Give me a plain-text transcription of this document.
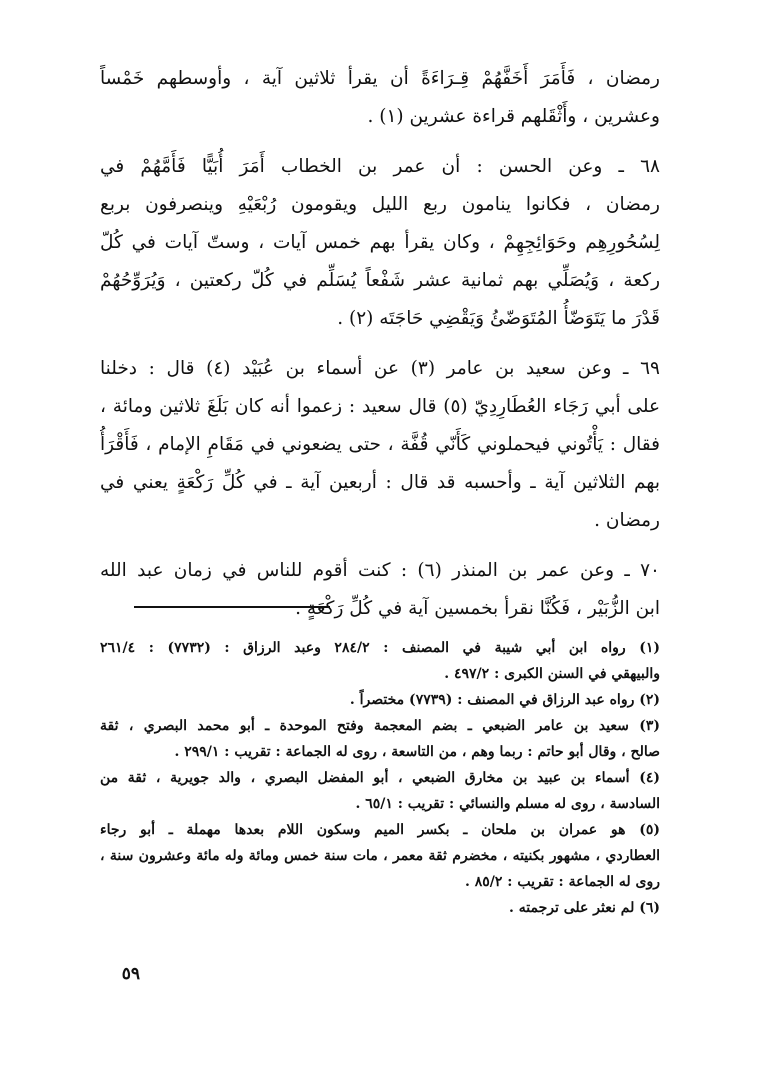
رمضان ، فَأَمَرَ أَخَفَّهُمْ قِـرَاءَةً أن يقرأ ثلاثين آية ، وأوسطهم خَمْساً
وعشرين ، وأَثْقَلهم قراءة عشرين (١) .

٦٨ ـ وعن الحسن : أن عمر بن الخطاب أَمَرَ أُبَيًّا فَأَمَّهُمْ في
رمضان ، فكانوا ينامون ربع الليل ويقومون رُبْعَيْهِ وينصرفون بربع
لِسُحُورِهِم وحَوَائِجِهِمْ ، وكان يقرأ بهم خمس آيات ، وستّ آيات في كُلّ
ركعة ، وَيُصَلِّي بهم ثمانية عشر شَفْعاً يُسَلِّم في كُلّ ركعتين ، وَيُرَوِّحُهُمْ
قَدْرَ ما يَتَوَضّأُ المُتَوَضّئُ وَيَقْضِي حَاجَتَه (٢) .

٦٩ ـ وعن سعيد بن عامر (٣) عن أسماء بن عُبَيْد (٤) قال : دخلنا
على أبي رَجَاء العُطَارِدِيّ (٥) قال سعيد : زعموا أنه كان بَلَغَ ثلاثين ومائة ،
فقال : يَأْتُوني فيحملوني كَأَنّي قُفَّة ، حتى يضعوني في مَقَامِ الإمام ، فَأَقْرَأُ
بهم الثلاثين آية ـ وأحسبه قد قال : أربعين آية ـ في كُلِّ رَكْعَةٍ يعني في
رمضان .

٧٠ ـ وعن عمر بن المنذر (٦) : كنت أقوم للناس في زمان عبد الله
ابن الزُّبَيْر ، فَكُنَّا نقرأ بخمسين آية في كُلِّ رَكْعَةٍ .

(١) رواه ابن أبي شيبة في المصنف : ٢٨٤/٢ وعبد الرزاق : (٧٧٣٢) : ٢٦١/٤
والبيهقي في السنن الكبرى : ٤٩٧/٢ .

(٢) رواه عبد الرزاق في المصنف : (٧٧٣٩) مختصراً .

(٣) سعيد بن عامر الضبعي ـ بضم المعجمة وفتح الموحدة ـ أبو محمد البصري ، ثقة
صالح ، وقال أبو حاتم : ربما وهم ، من التاسعة ، روى له الجماعة : تقريب : ٢٩٩/١ .

(٤) أسماء بن عبيد بن مخارق الضبعي ، أبو المفضل البصري ، والد جويرية ، ثقة من
السادسة ، روى له مسلم والنسائي : تقريب : ٦٥/١ .

(٥) هو عمران بن ملحان ـ بكسر الميم وسكون اللام بعدها مهملة ـ أبو رجاء
العطاردي ، مشهور بكنيته ، مخضرم ثقة معمر ، مات سنة خمس ومائة وله مائة وعشرون سنة ،
روى له الجماعة : تقريب : ٨٥/٢ .

(٦) لم نعثر على ترجمته .

٥٩
